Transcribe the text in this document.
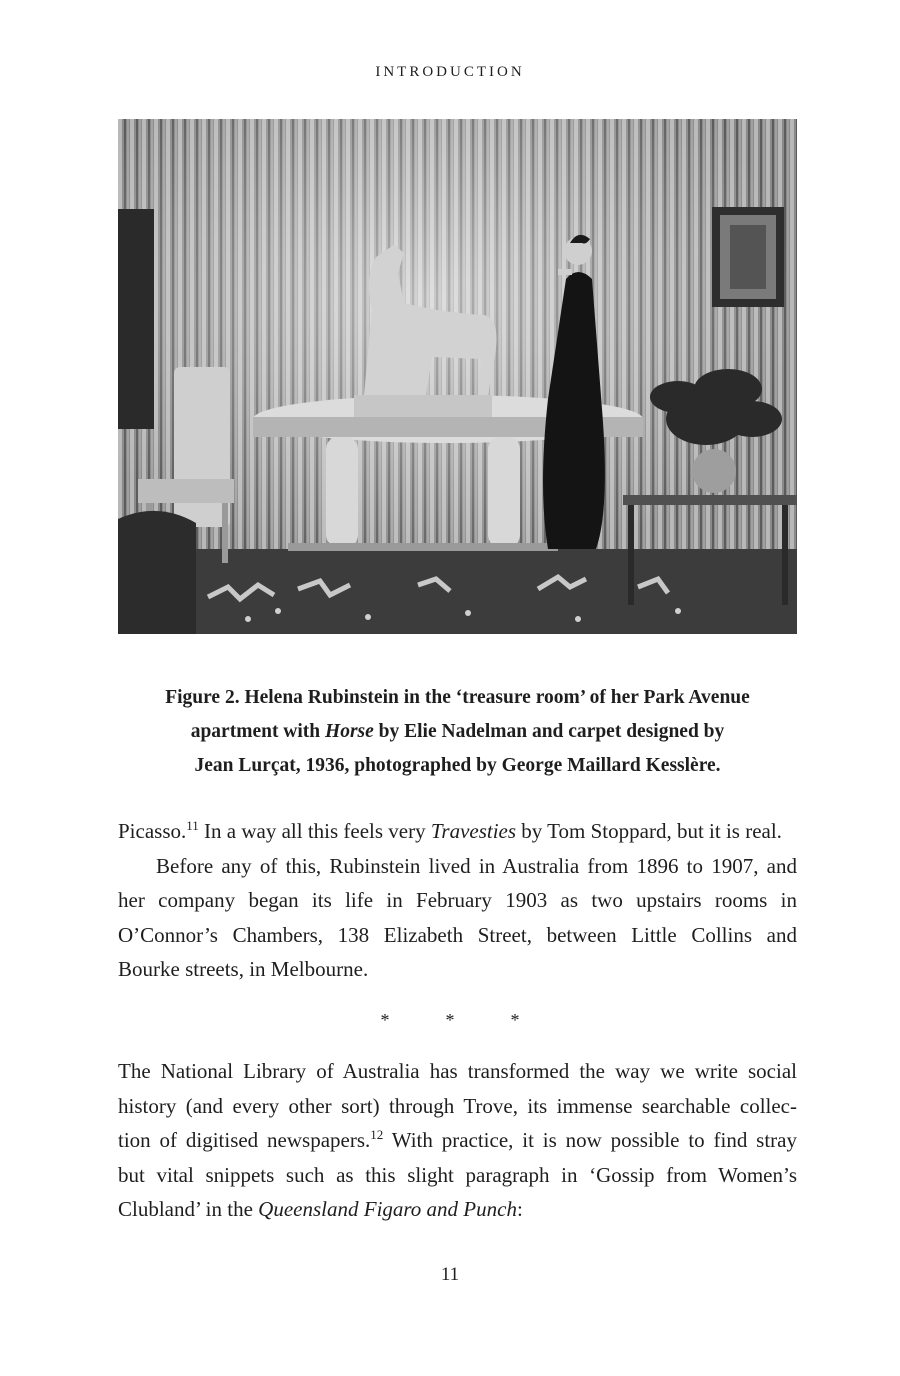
INTRODUCTION

Figure 2. Helena Rubinstein in the ‘treasure room’ of her Park Avenue

apartment with Horse by Elie Nadelman and carpet designed by

Jean Lurçat, 1936, photographed by George Maillard Kesslère.

Picasso.$^{11}$ In a way all this feels very Travesties by Tom Stoppard, but it is real.
Before any of this, Rubinstein lived in Australia from 1896 to 1907, and
her company began its life in February 1903 as two upstairs rooms in
O’Connor’s Chambers, 138 Elizabeth Street, between Little Collins and
Bourke streets, in Melbourne.
*	*	*
The National Library of Australia has transformed the way we write social
history (and every other sort) through Trove, its immense searchable collec-
tion of digitised newspapers.$^{12}$ With practice, it is now possible to find stray
but vital snippets such as this slight paragraph in ‘Gossip from Women’s
Clubland’ in the Queensland Figaro and Punch:
11
